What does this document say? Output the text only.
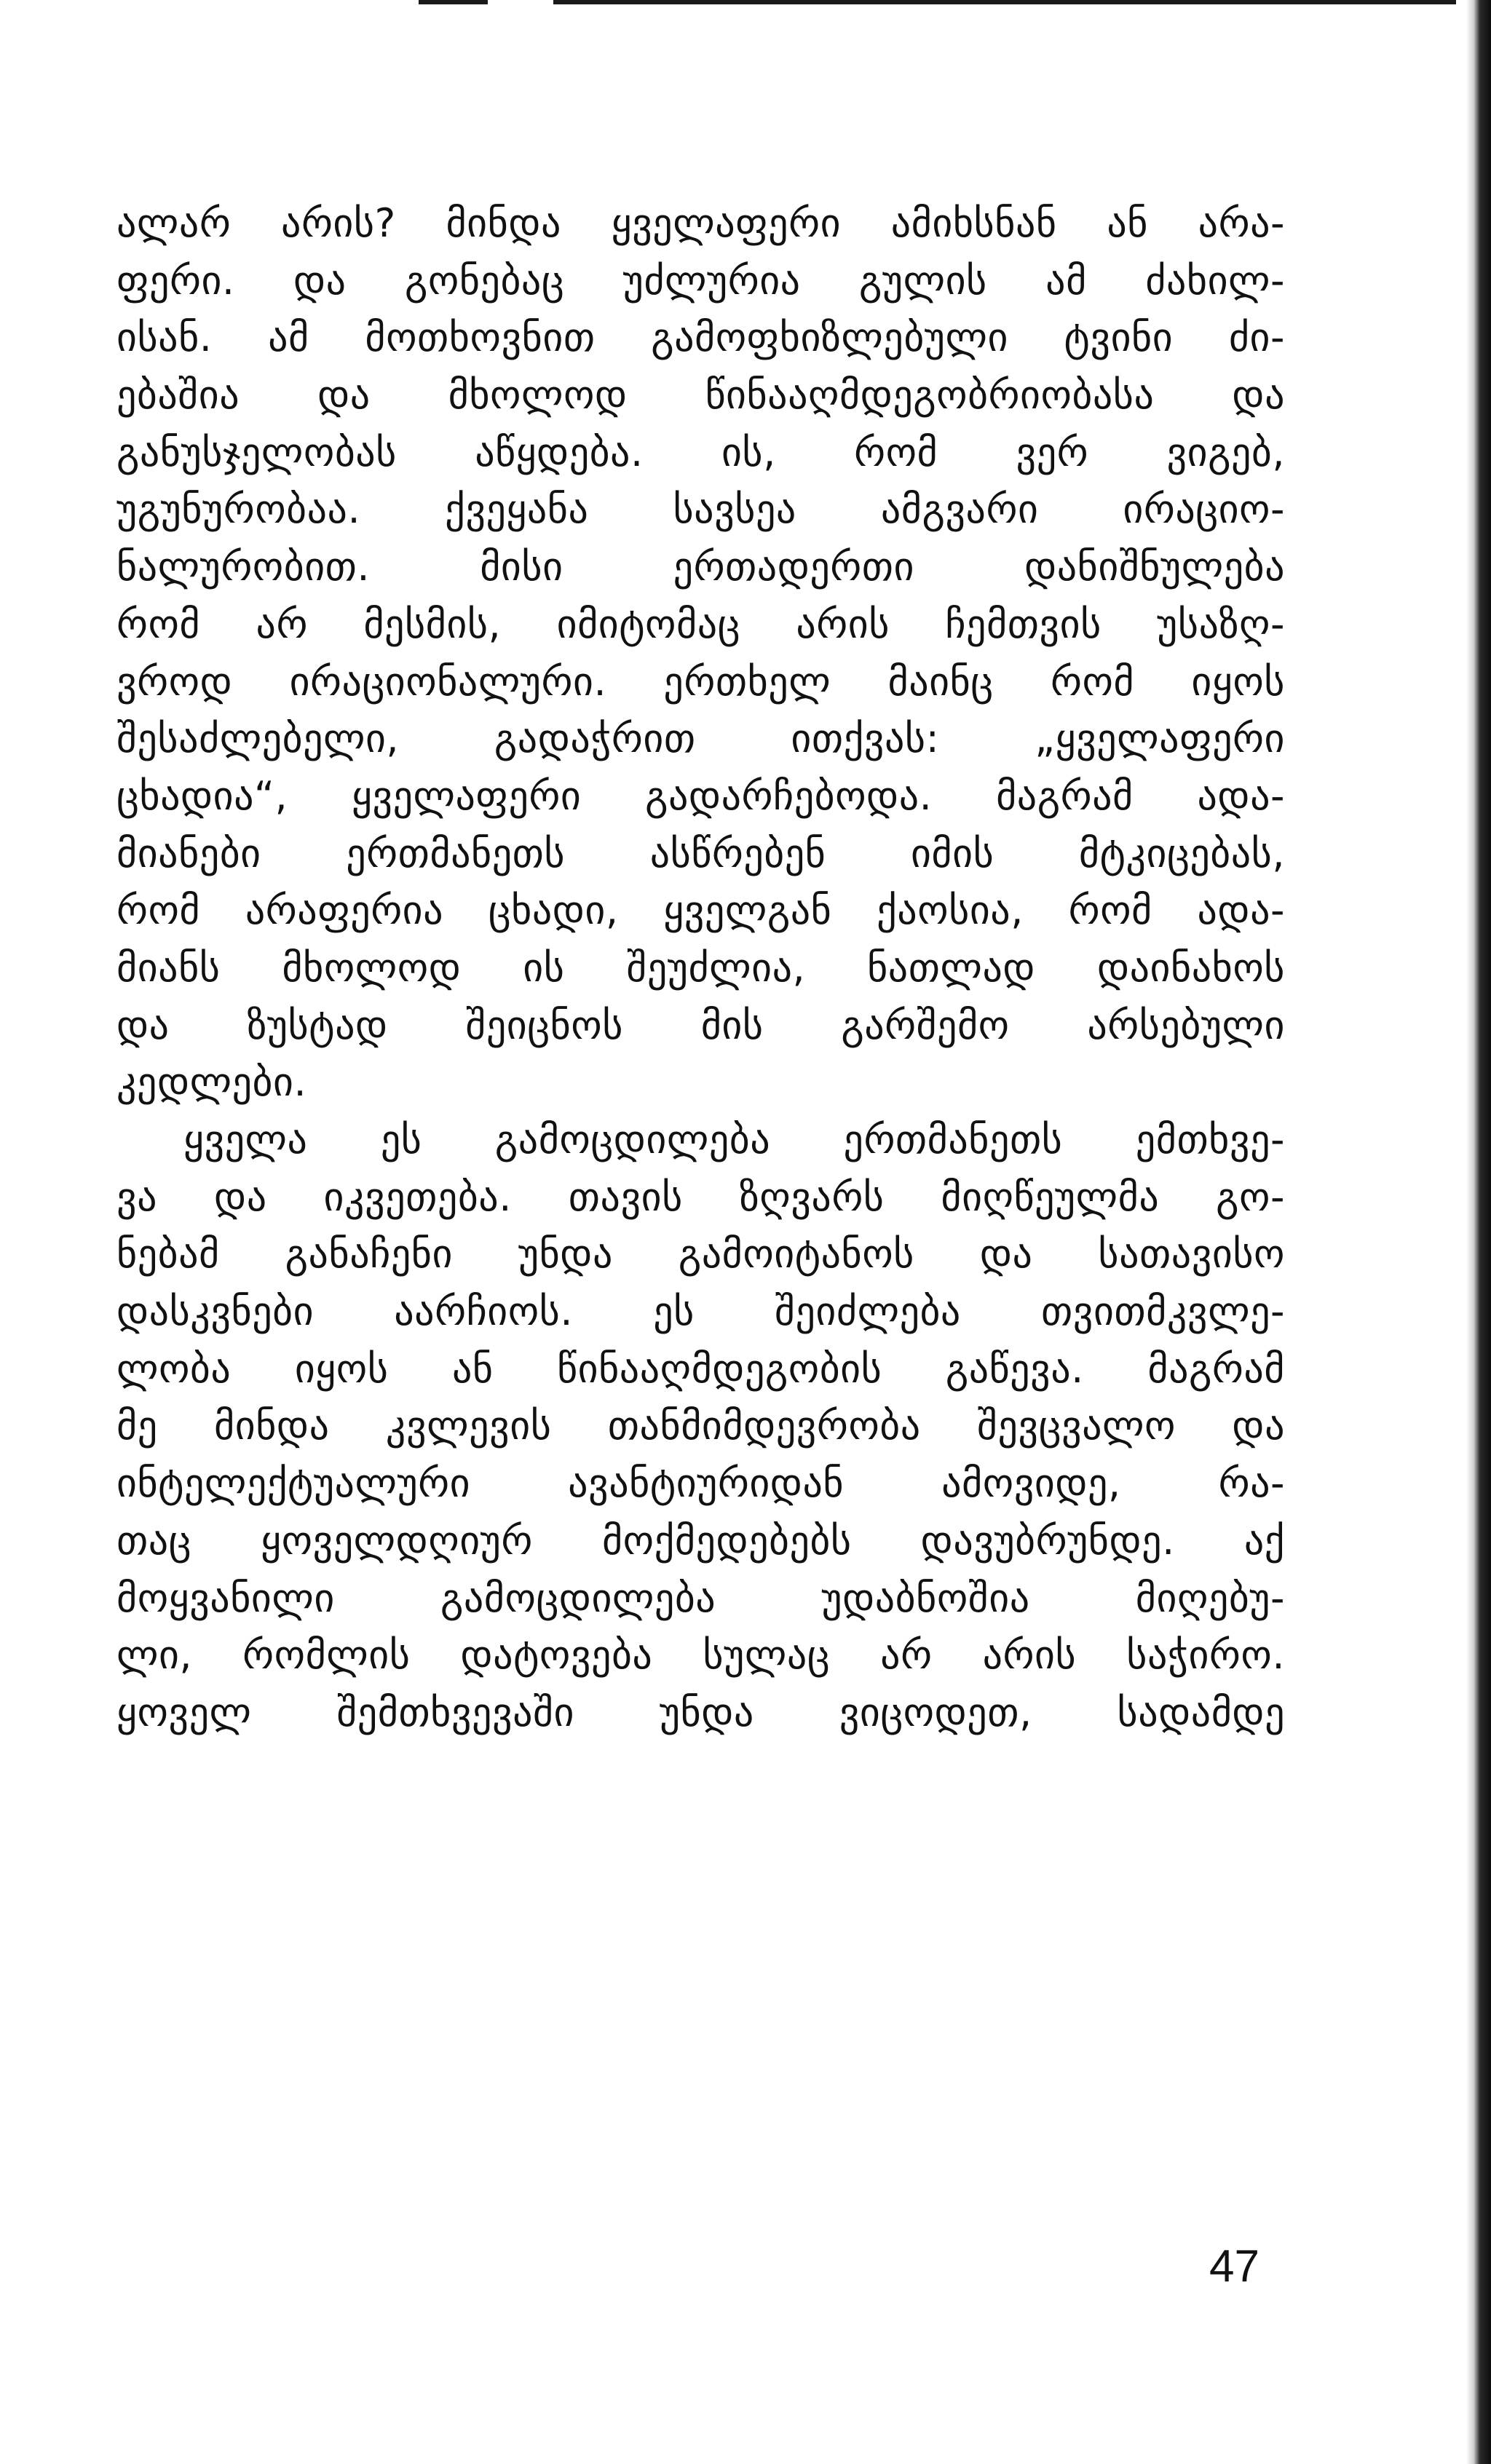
ალარ არის? მინდა ყველაფერი ამიხსნან ან არა-
ფერი. და გონებაც უძლურია გულის ამ ძახილ-
ისან. ამ მოთხოვნით გამოფხიზლებული ტვინი ძი-
ებაშია და მხოლოდ წინააღმდეგობრიობასა და
განუსჯელობას აწყდება. ის, რომ ვერ ვიგებ,
უგუნურობაა. ქვეყანა სავსეა ამგვარი ირაციო-
ნალურობით. მისი ერთადერთი დანიშნულება
რომ არ მესმის, იმიტომაც არის ჩემთვის უსაზღ-
ვროდ ირაციონალური. ერთხელ მაინც რომ იყოს
შესაძლებელი, გადაჭრით ითქვას: „ყველაფერი
ცხადია“, ყველაფერი გადარჩებოდა. მაგრამ ადა-
მიანები ერთმანეთს ასწრებენ იმის მტკიცებას,
რომ არაფერია ცხადი, ყველგან ქაოსია, რომ ადა-
მიანს მხოლოდ ის შეუძლია, ნათლად დაინახოს
და ზუსტად შეიცნოს მის გარშემო არსებული
კედლები.
ყველა ეს გამოცდილება ერთმანეთს ემთხვე-
ვა და იკვეთება. თავის ზღვარს მიღწეულმა გო-
ნებამ განაჩენი უნდა გამოიტანოს და სათავისო
დასკვნები აარჩიოს. ეს შეიძლება თვითმკვლე-
ლობა იყოს ან წინააღმდეგობის გაწევა. მაგრამ
მე მინდა კვლევის თანმიმდევრობა შევცვალო და
ინტელექტუალური ავანტიურიდან ამოვიდე, რა-
თაც ყოველდღიურ მოქმედებებს დავუბრუნდე. აქ
მოყვანილი გამოცდილება უდაბნოშია მიღებუ-
ლი, რომლის დატოვება სულაც არ არის საჭირო.
ყოველ შემთხვევაში უნდა ვიცოდეთ, სადამდე
47
